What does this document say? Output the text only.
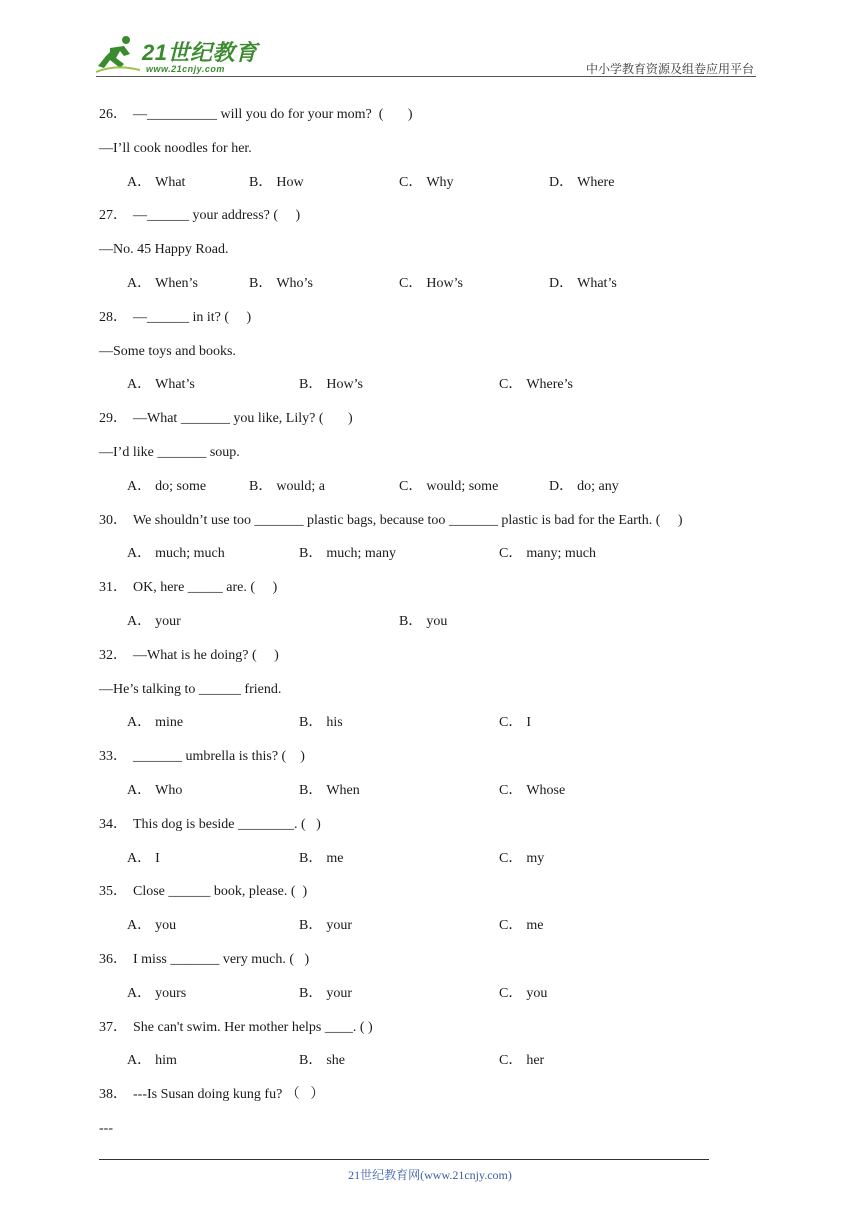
21世纪教育
www.21cnjy.com	中小学教育资源及组卷应用平台
26． —__________ will you do for your mom?  (       )
—I’ll cook noodles for her.
A． What	B． How	C． Why	D． Where
27． —______ your address? (     )
—No. 45 Happy Road.
A． When’s	B． Who’s	C． How’s	D． What’s
28． —______ in it? (     )
—Some toys and books.
A． What’s	B． How’s	C． Where’s
29． —What _______ you like, Lily? (       )
—I’d like _______ soup.
A． do; some	B． would; a	C． would; some	D． do; any
30． We shouldn’t use too _______ plastic bags, because too _______ plastic is bad for the Earth. (     )
A． much; much	B． much; many	C． many; much
31． OK, here _____ are. (     )
A． your	B． you
32． —What is he doing? (     )
—He’s talking to ______ friend.
A． mine	B． his	C． I
33． _______ umbrella is this? (    )
A． Who	B． When	C． Whose
34． This dog is beside ________. (   )
A． I	B． me	C． my
35． Close ______ book, please. (  )
A． you	B． your	C． me
36． I miss _______ very much. (   )
A． yours	B． your	C． you
37． She can't swim. Her mother helps ____. ( )
A． him	B． she	C． her
38． ---Is Susan doing kung fu? （   ）
---
21世纪教育网(www.21cnjy.com)
